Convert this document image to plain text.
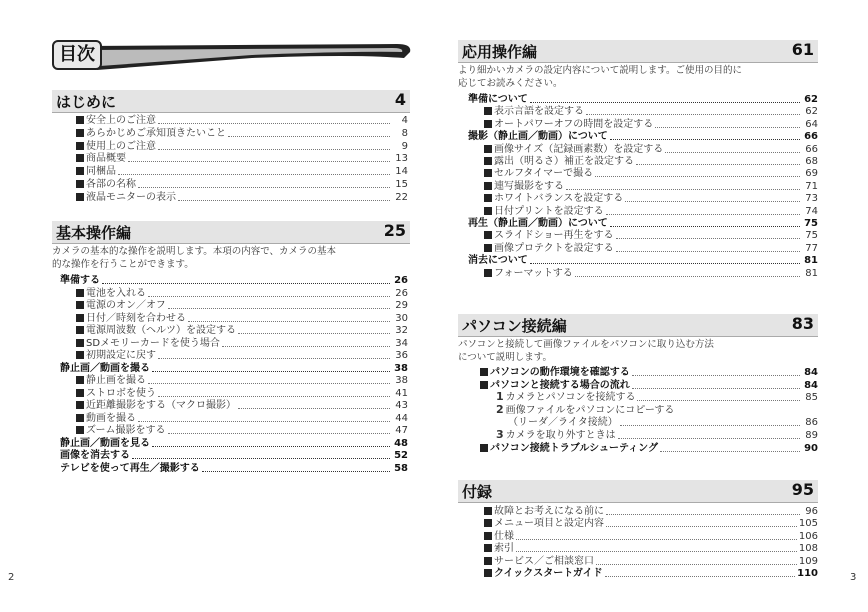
目次
はじめに	4
基本操作編	25
カメラの基本的な操作を説明します。本項の内容で、カメラの基本
的な操作を行うことができます。
2
応用操作編	61
より細かいカメラの設定内容について説明します。ご使用の目的に
応じてお読みください。
パソコン接続編	83
パソコンと接続して画像ファイルをパソコンに取り込む方法
について説明します。
付録	95
3
安全上のご注意	4
あらかじめご承知頂きたいこと	8
使用上のご注意	9
商品概要	13
同梱品	14
各部の名称	15
液晶モニターの表示	22
準備する	26
電池を入れる	26
電源のオン／オフ	29
日付／時刻を合わせる	30
電源周波数（ヘルツ）を設定する	32
SDメモリーカードを使う場合	34
初期設定に戻す	36
静止画／動画を撮る	38
静止画を撮る	38
ストロボを使う	41
近距離撮影をする（マクロ撮影）	43
動画を撮る	44
ズーム撮影をする	47
静止画／動画を見る	48
画像を消去する	52
テレビを使って再生／撮影する	58
準備について	62
表示言語を設定する	62
オートパワーオフの時間を設定する	64
撮影（静止画／動画）について	66
画像サイズ（記録画素数）を設定する	66
露出（明るさ）補正を設定する	68
セルフタイマーで撮る	69
連写撮影をする	71
ホワイトバランスを設定する	73
日付プリントを設定する	74
再生（静止画／動画）について	75
スライドショー再生をする	75
画像プロテクトを設定する	77
消去について	81
フォーマットする	81
パソコンの動作環境を確認する	84
パソコンと接続する場合の流れ	84
1 カメラとパソコンを接続する	85
2 画像ファイルをパソコンにコピーする
（リーダ／ライタ接続）	86
3 カメラを取り外すときは	89
パソコン接続トラブルシューティング	90
故障とお考えになる前に	96
メニュー項目と設定内容	105
仕様	106
索引	108
サービス／ご相談窓口	109
クイックスタートガイド	110
